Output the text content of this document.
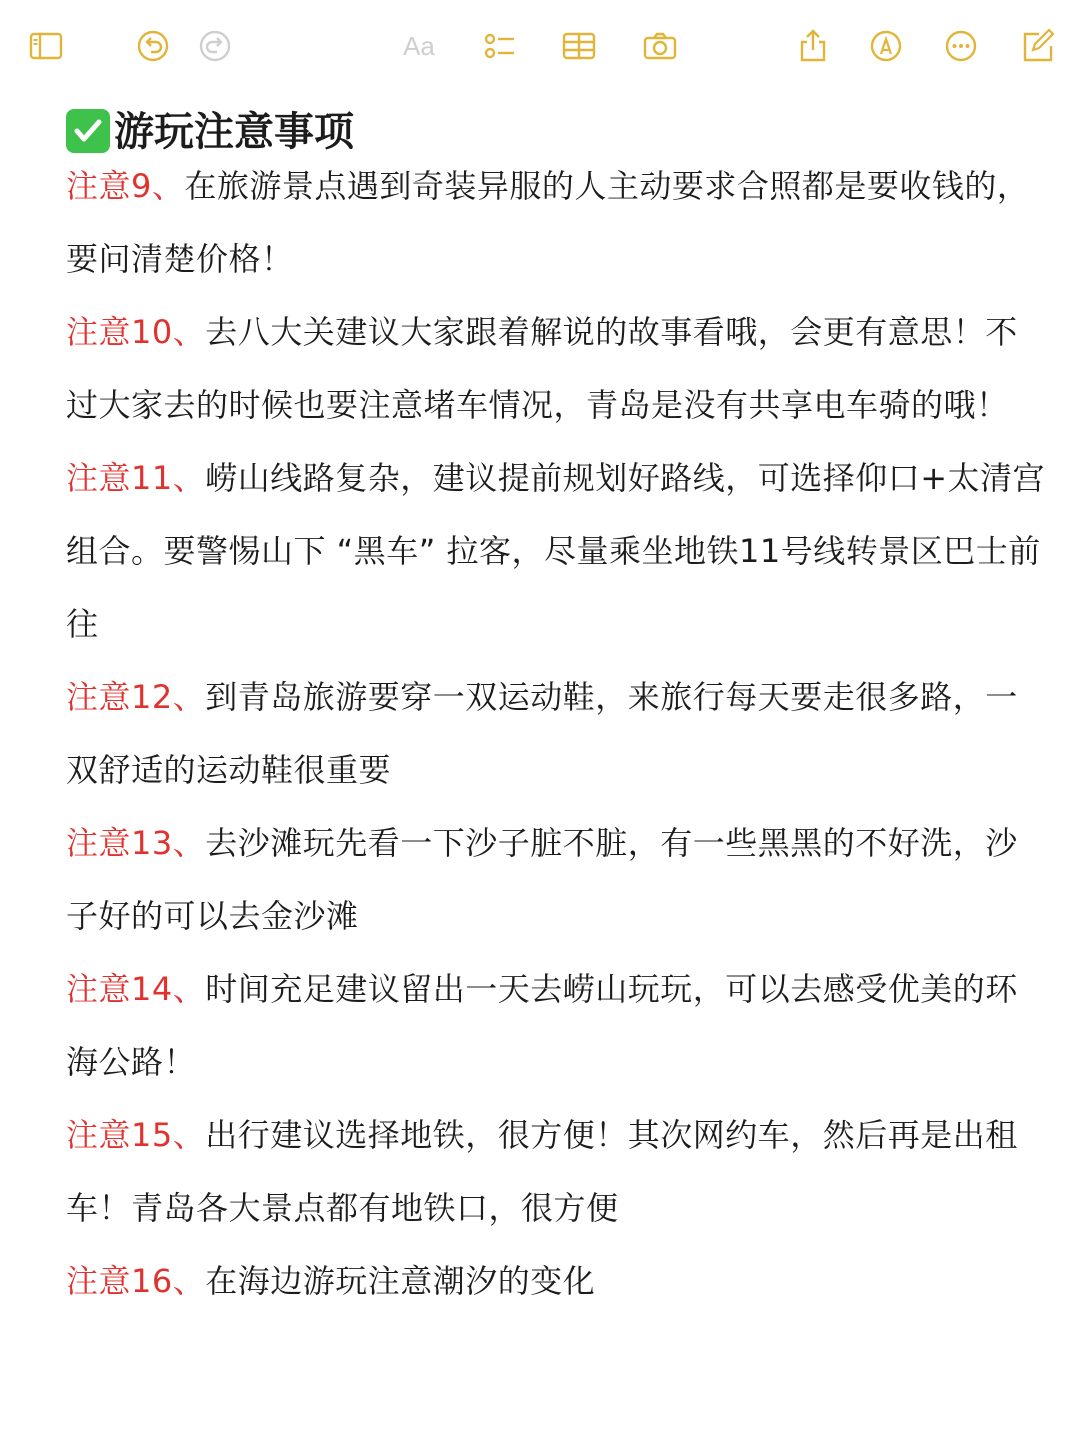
Aa
游玩注意事项

注意9、在旅游景点遇到奇装异服的人主动要求合照都是要收钱的，要问清楚价格！

注意10、去八大关建议大家跟着解说的故事看哦，会更有意思！不过大家去的时候也要注意堵车情况，青岛是没有共享电车骑的哦！

注意11、崂山线路复杂，建议提前规划好路线，可选择仰口+太清宫组合。要警惕山下 “黑车” 拉客，尽量乘坐地铁11号线转景区巴士前往

注意12、到青岛旅游要穿一双运动鞋，来旅行每天要走很多路，一双舒适的运动鞋很重要

注意13、去沙滩玩先看一下沙子脏不脏，有一些黑黑的不好洗，沙子好的可以去金沙滩

注意14、时间充足建议留出一天去崂山玩玩，可以去感受优美的环海公路！

注意15、出行建议选择地铁，很方便！其次网约车，然后再是出租车！青岛各大景点都有地铁口，很方便

注意16、在海边游玩注意潮汐的变化
